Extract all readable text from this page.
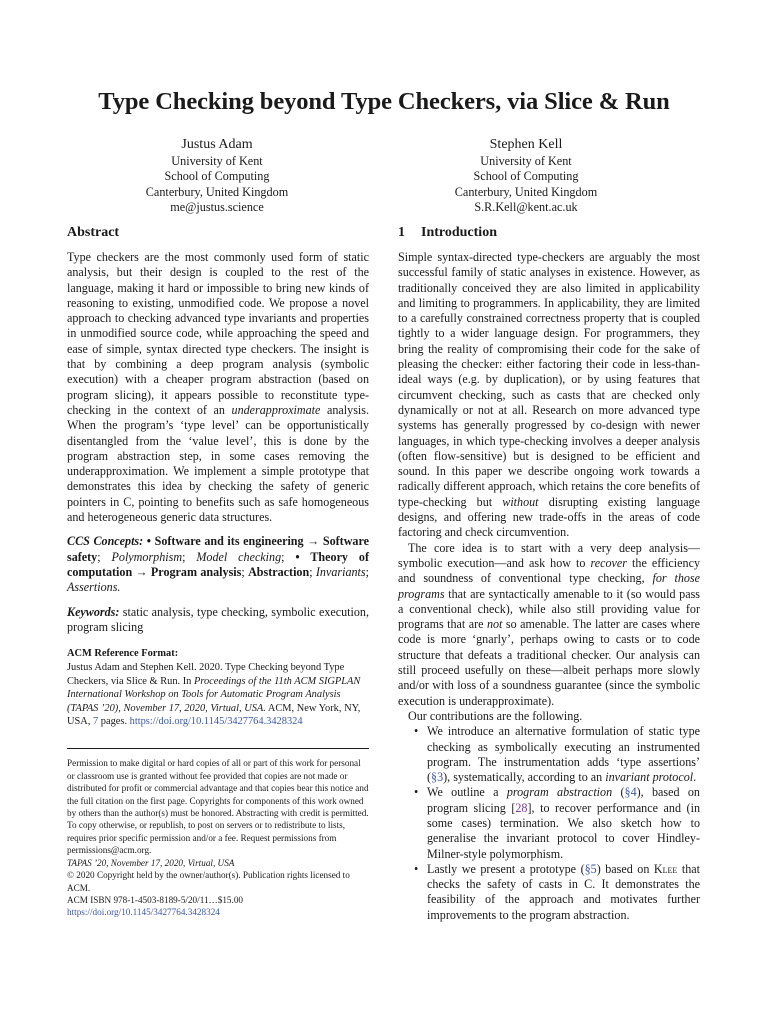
Type Checking beyond Type Checkers, via Slice & Run
Justus Adam
University of Kent
School of Computing
Canterbury, United Kingdom
me@justus.science
Stephen Kell
University of Kent
School of Computing
Canterbury, United Kingdom
S.R.Kell@kent.ac.uk
Abstract

Type checkers are the most commonly used form of static analysis, but their design is coupled to the rest of the language, making it hard or impossible to bring new kinds of reasoning to existing, unmodified code. We propose a novel approach to checking advanced type invariants and properties in unmodified source code, while approaching the speed and ease of simple, syntax directed type checkers. The insight is that by combining a deep program analysis (symbolic execution) with a cheaper program abstraction (based on program slicing), it appears possible to reconstitute type-checking in the context of an underapproximate analysis. When the program’s ‘type level’ can be opportunistically disentangled from the ‘value level’, this is done by the program abstraction step, in some cases removing the underapproximation. We implement a simple prototype that demonstrates this idea by checking the safety of generic pointers in C, pointing to benefits such as safe homogeneous and heterogeneous generic data structures.

CCS Concepts: • Software and its engineering → Software safety; Polymorphism; Model checking; • Theory of computation → Program analysis; Abstraction; Invariants; Assertions.

Keywords: static analysis, type checking, symbolic execution, program slicing

ACM Reference Format:
Justus Adam and Stephen Kell. 2020. Type Checking beyond Type Checkers, via Slice & Run. In Proceedings of the 11th ACM SIGPLAN International Workshop on Tools for Automatic Program Analysis (TAPAS ’20), November 17, 2020, Virtual, USA. ACM, New York, NY, USA, 7 pages. https://doi.org/10.1145/3427764.3428324
Permission to make digital or hard copies of all or part of this work for personal or classroom use is granted without fee provided that copies are not made or distributed for profit or commercial advantage and that copies bear this notice and the full citation on the first page. Copyrights for components of this work owned by others than the author(s) must be honored. Abstracting with credit is permitted. To copy otherwise, or republish, to post on servers or to redistribute to lists, requires prior specific permission and/or a fee. Request permissions from permissions@acm.org.
TAPAS ’20, November 17, 2020, Virtual, USA
© 2020 Copyright held by the owner/author(s). Publication rights licensed to ACM.
ACM ISBN 978-1-4503-8189-5/20/11…$15.00
https://doi.org/10.1145/3427764.3428324
1 Introduction

Simple syntax-directed type-checkers are arguably the most successful family of static analyses in existence. However, as traditionally conceived they are also limited in applicability and limiting to programmers. In applicability, they are limited to a carefully constrained correctness property that is coupled tightly to a wider language design. For programmers, they bring the reality of compromising their code for the sake of pleasing the checker: either factoring their code in less-than-ideal ways (e.g. by duplication), or by using features that circumvent checking, such as casts that are checked only dynamically or not at all. Research on more advanced type systems has generally progressed by co-design with newer languages, in which type-checking involves a deeper analysis (often flow-sensitive) but is designed to be efficient and sound. In this paper we describe ongoing work towards a radically different approach, which retains the core benefits of type-checking but without disrupting existing language designs, and offering new trade-offs in the areas of code factoring and check circumvention.

The core idea is to start with a very deep analysis—symbolic execution—and ask how to recover the efficiency and soundness of conventional type checking, for those programs that are syntactically amenable to it (so would pass a conventional check), while also still providing value for programs that are not so amenable. The latter are cases where code is more ‘gnarly’, perhaps owing to casts or to code structure that defeats a traditional checker. Our analysis can still proceed usefully on these—albeit perhaps more slowly and/or with loss of a soundness guarantee (since the symbolic execution is underapproximate).

Our contributions are the following.

• We introduce an alternative formulation of static type checking as symbolically executing an instrumented program. The instrumentation adds ‘type assertions’ (§3), systematically, according to an invariant protocol.
• We outline a program abstraction (§4), based on program slicing [28], to recover performance and (in some cases) termination. We also sketch how to generalise the invariant protocol to cover Hindley-Milner-style polymorphism.
• Lastly we present a prototype (§5) based on Klee that checks the safety of casts in C. It demonstrates the feasibility of the approach and motivates further improvements to the program abstraction.
